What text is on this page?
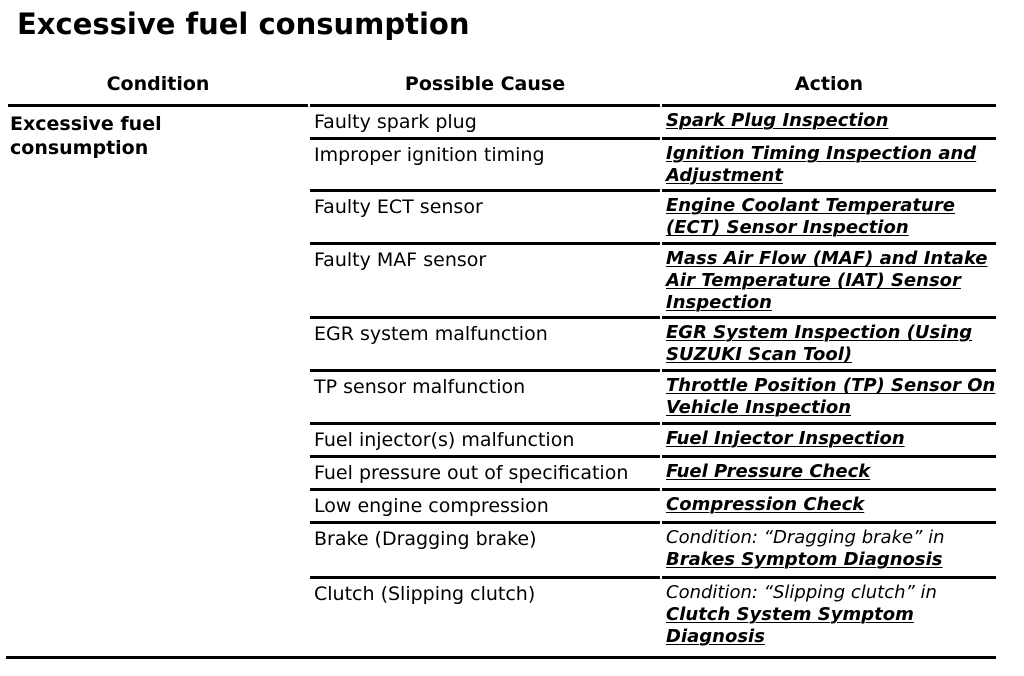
Excessive fuel consumption
Condition	Possible Cause	Action
Excessive fuel consumption
Faulty spark plug	Spark Plug Inspection
Improper ignition timing	Ignition Timing Inspection and Adjustment
Faulty ECT sensor	Engine Coolant Temperature (ECT) Sensor Inspection
Faulty MAF sensor	Mass Air Flow (MAF) and Intake Air Temperature (IAT) Sensor Inspection
EGR system malfunction	EGR System Inspection (Using SUZUKI Scan Tool)
TP sensor malfunction	Throttle Position (TP) Sensor On Vehicle Inspection
Fuel injector(s) malfunction	Fuel Injector Inspection
Fuel pressure out of specification	Fuel Pressure Check
Low engine compression	Compression Check
Brake (Dragging brake)	Condition: “Dragging brake” in Brakes Symptom Diagnosis
Clutch (Slipping clutch)	Condition: “Slipping clutch” in Clutch System Symptom Diagnosis
